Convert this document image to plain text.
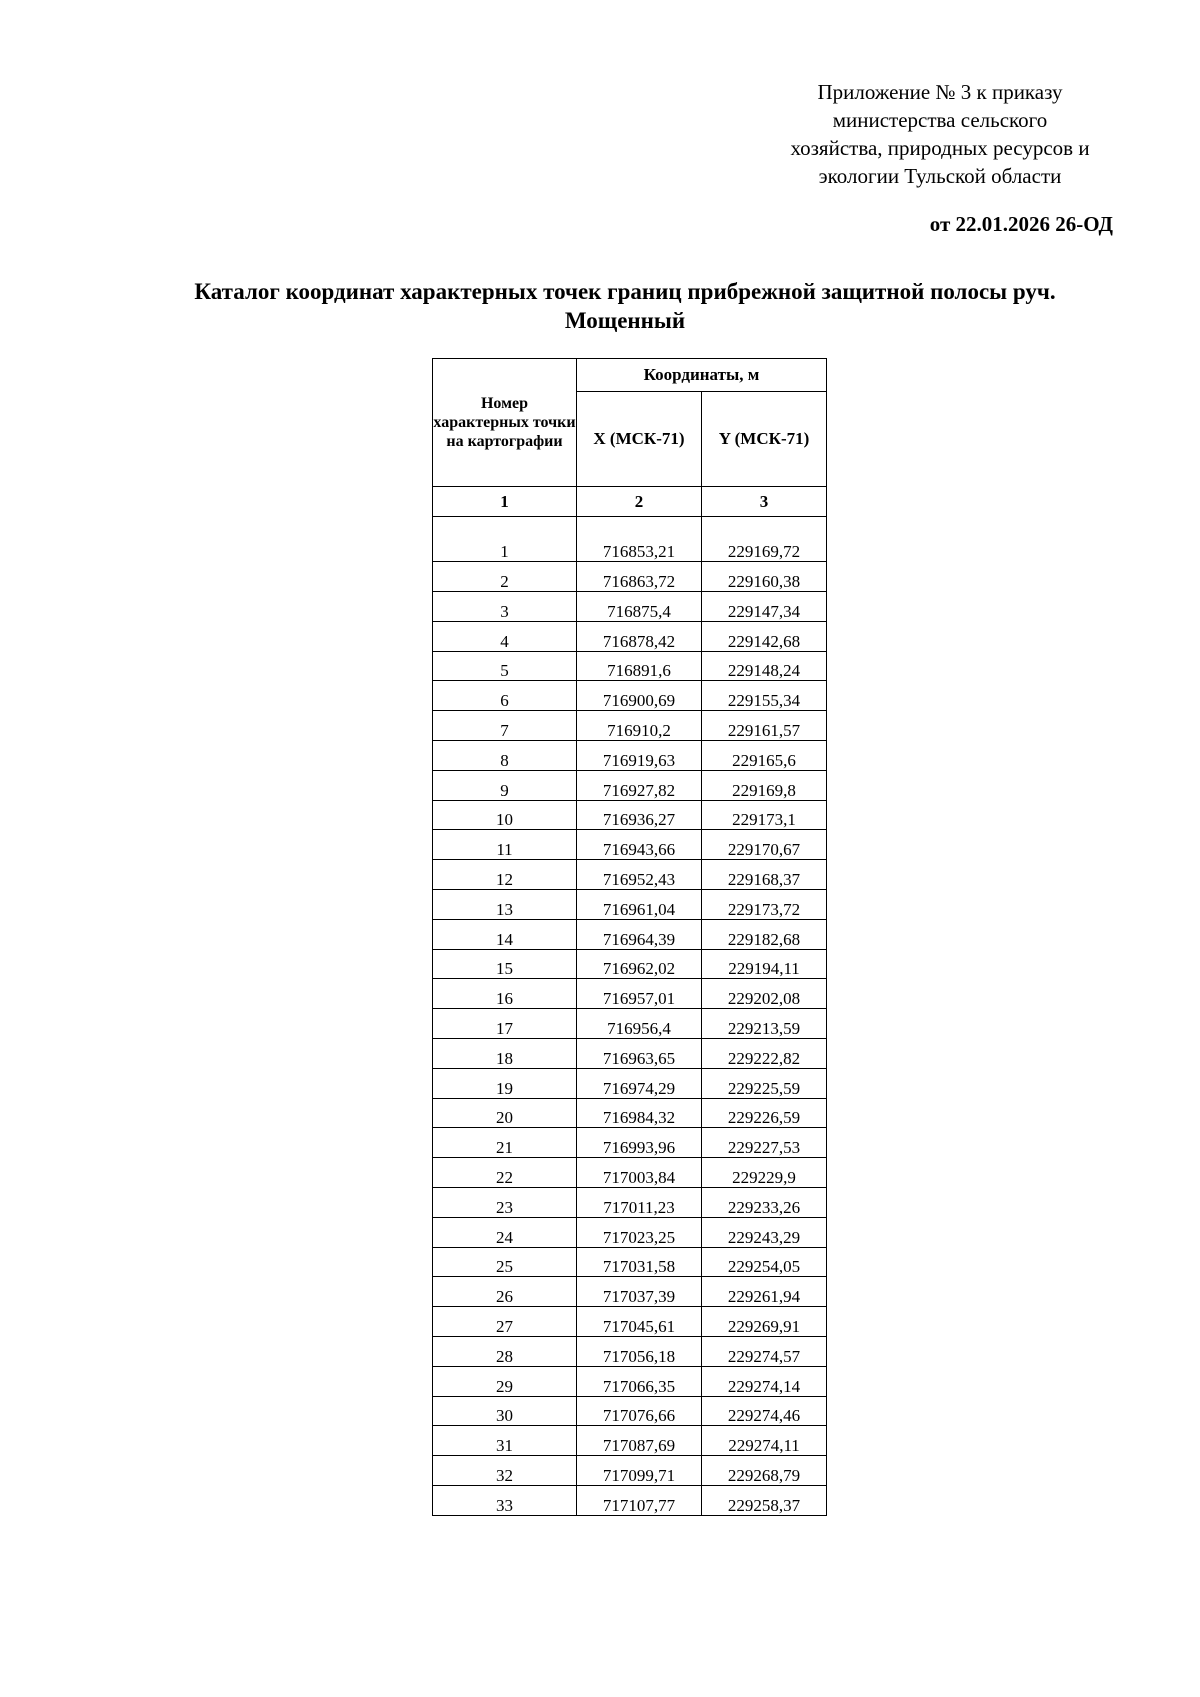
Приложение № 3 к приказу
министерства сельского
хозяйства, природных ресурсов и
экологии Тульской области
от 22.01.2026 26-ОД
Каталог координат характерных точек границ прибрежной защитной полосы руч.
Мощенный
Номер характерных точки на картографии	Координаты, м	
	X (МСК-71)	Y (МСК-71)
1	2	3

1	716853,21	229169,72
2	716863,72	229160,38
3	716875,4	229147,34
4	716878,42	229142,68
5	716891,6	229148,24
6	716900,69	229155,34
7	716910,2	229161,57
8	716919,63	229165,6
9	716927,82	229169,8
10	716936,27	229173,1
11	716943,66	229170,67
12	716952,43	229168,37
13	716961,04	229173,72
14	716964,39	229182,68
15	716962,02	229194,11
16	716957,01	229202,08
17	716956,4	229213,59
18	716963,65	229222,82
19	716974,29	229225,59
20	716984,32	229226,59
21	716993,96	229227,53
22	717003,84	229229,9
23	717011,23	229233,26
24	717023,25	229243,29
25	717031,58	229254,05
26	717037,39	229261,94
27	717045,61	229269,91
28	717056,18	229274,57
29	717066,35	229274,14
30	717076,66	229274,46
31	717087,69	229274,11
32	717099,71	229268,79
33	717107,77	229258,37
